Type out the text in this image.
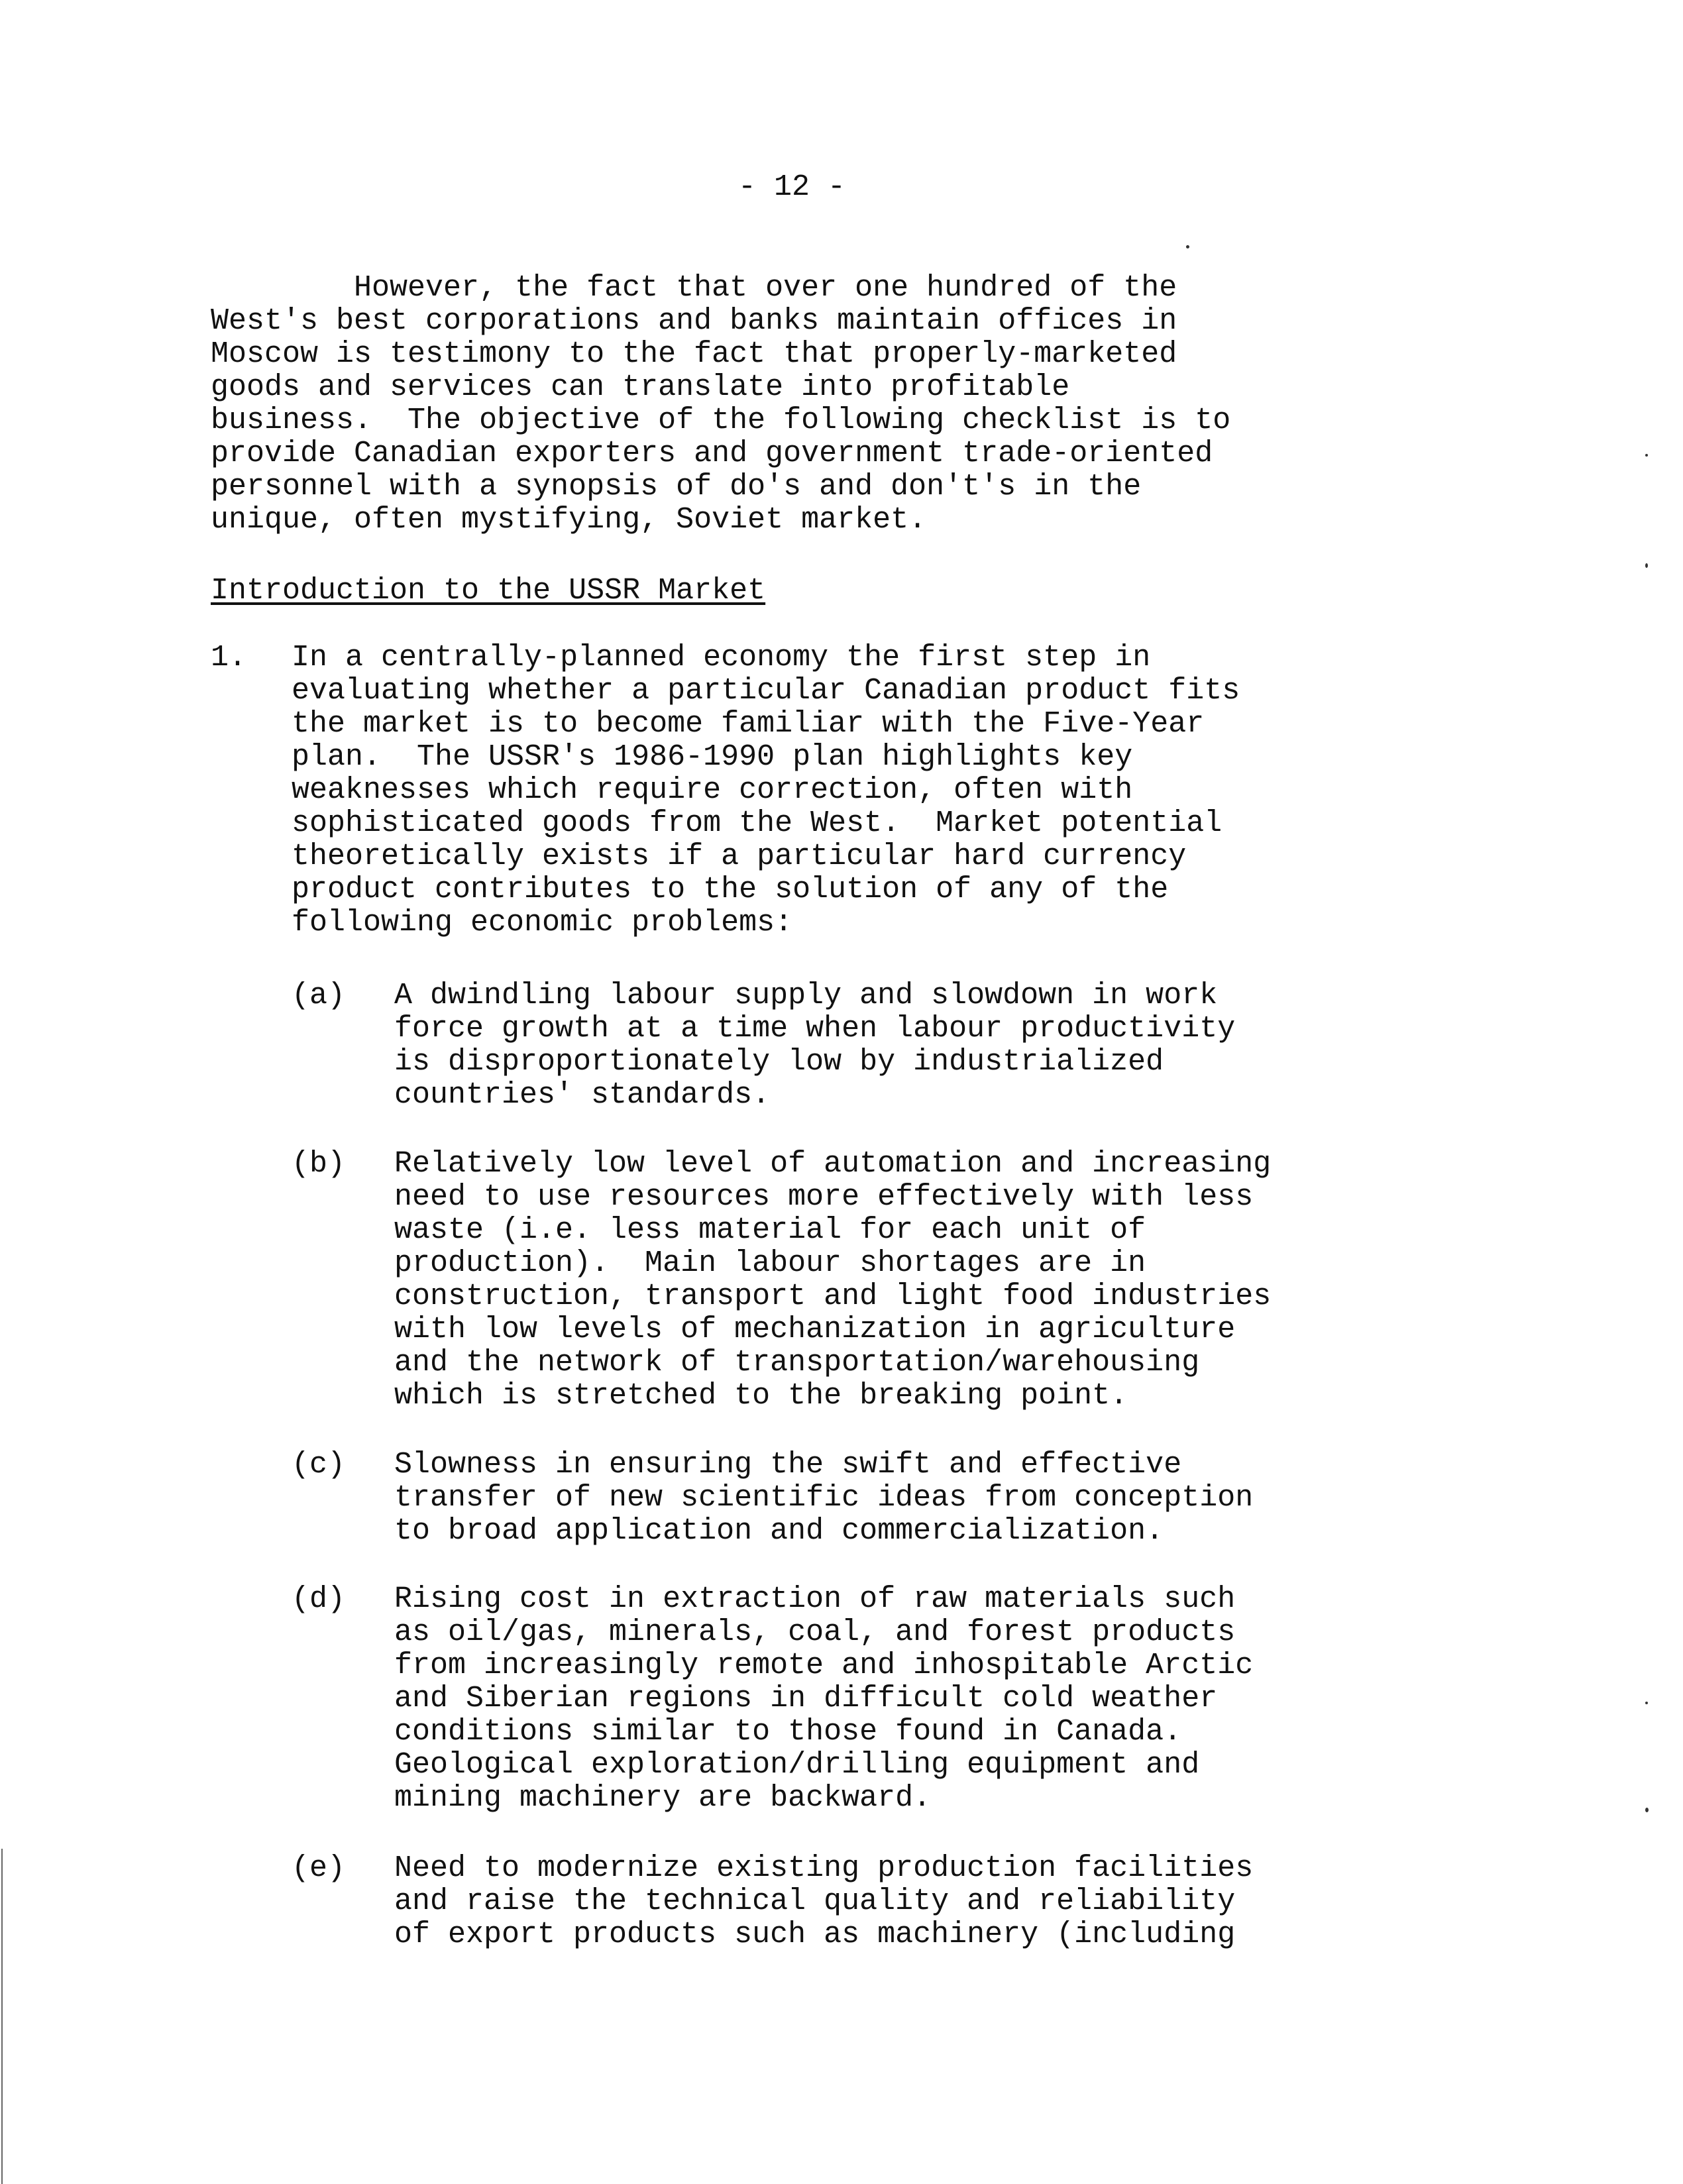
- 12 -
However, the fact that over one hundred of the
West's best corporations and banks maintain offices in
Moscow is testimony to the fact that properly-marketed
goods and services can translate into profitable
business.  The objective of the following checklist is to
provide Canadian exporters and government trade-oriented
personnel with a synopsis of do's and don't's in the
unique, often mystifying, Soviet market.
Introduction to the USSR Market
1. In a centrally-planned economy the first step in
evaluating whether a particular Canadian product fits
the market is to become familiar with the Five-Year
plan.  The USSR's 1986-1990 plan highlights key
weaknesses which require correction, often with
sophisticated goods from the West.  Market potential
theoretically exists if a particular hard currency
product contributes to the solution of any of the
following economic problems:
(a) A dwindling labour supply and slowdown in work
force growth at a time when labour productivity
is disproportionately low by industrialized
countries' standards.
(b) Relatively low level of automation and increasing
need to use resources more effectively with less
waste (i.e. less material for each unit of
production).  Main labour shortages are in
construction, transport and light food industries
with low levels of mechanization in agriculture
and the network of transportation/warehousing
which is stretched to the breaking point.
(c) Slowness in ensuring the swift and effective
transfer of new scientific ideas from conception
to broad application and commercialization.
(d) Rising cost in extraction of raw materials such
as oil/gas, minerals, coal, and forest products
from increasingly remote and inhospitable Arctic
and Siberian regions in difficult cold weather
conditions similar to those found in Canada.
Geological exploration/drilling equipment and
mining machinery are backward.
(e) Need to modernize existing production facilities
and raise the technical quality and reliability
of export products such as machinery (including
